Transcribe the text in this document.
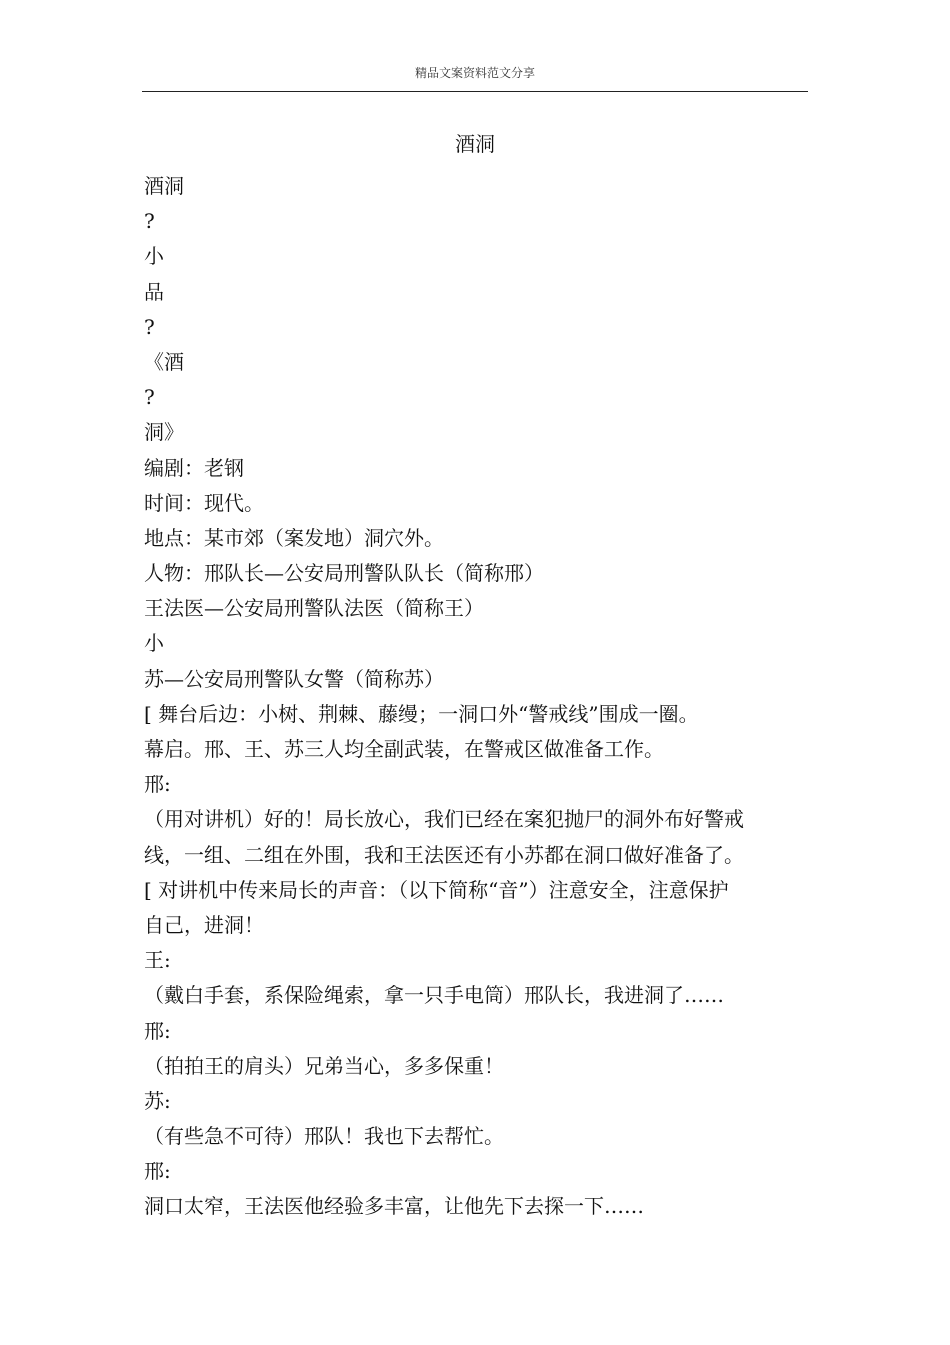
精品文案资料范文分享
酒洞
酒洞
?
小
品
?
《酒
?
洞》
编剧：老钢
时间：现代。
地点：某市郊（案发地）洞穴外。
人物：邢队长—公安局刑警队队长（简称邢）
王法医—公安局刑警队法医（简称王）
小
苏—公安局刑警队女警（简称苏）
[ 舞台后边：小树、荆棘、藤缦；一洞口外“警戒线”围成一圈。
幕启。邢、王、苏三人均全副武装，在警戒区做准备工作。
邢:
（用对讲机）好的！局长放心，我们已经在案犯抛尸的洞外布好警戒
线，一组、二组在外围，我和王法医还有小苏都在洞口做好准备了。
[ 对讲机中传来局长的声音：（以下简称“音”）注意安全，注意保护
自己，进洞！
王:
（戴白手套，系保险绳索，拿一只手电筒）邢队长，我进洞了……
邢:
（拍拍王的肩头）兄弟当心，多多保重！
苏:
（有些急不可待）邢队！我也下去帮忙。
邢:
洞口太窄，王法医他经验多丰富，让他先下去探一下……
